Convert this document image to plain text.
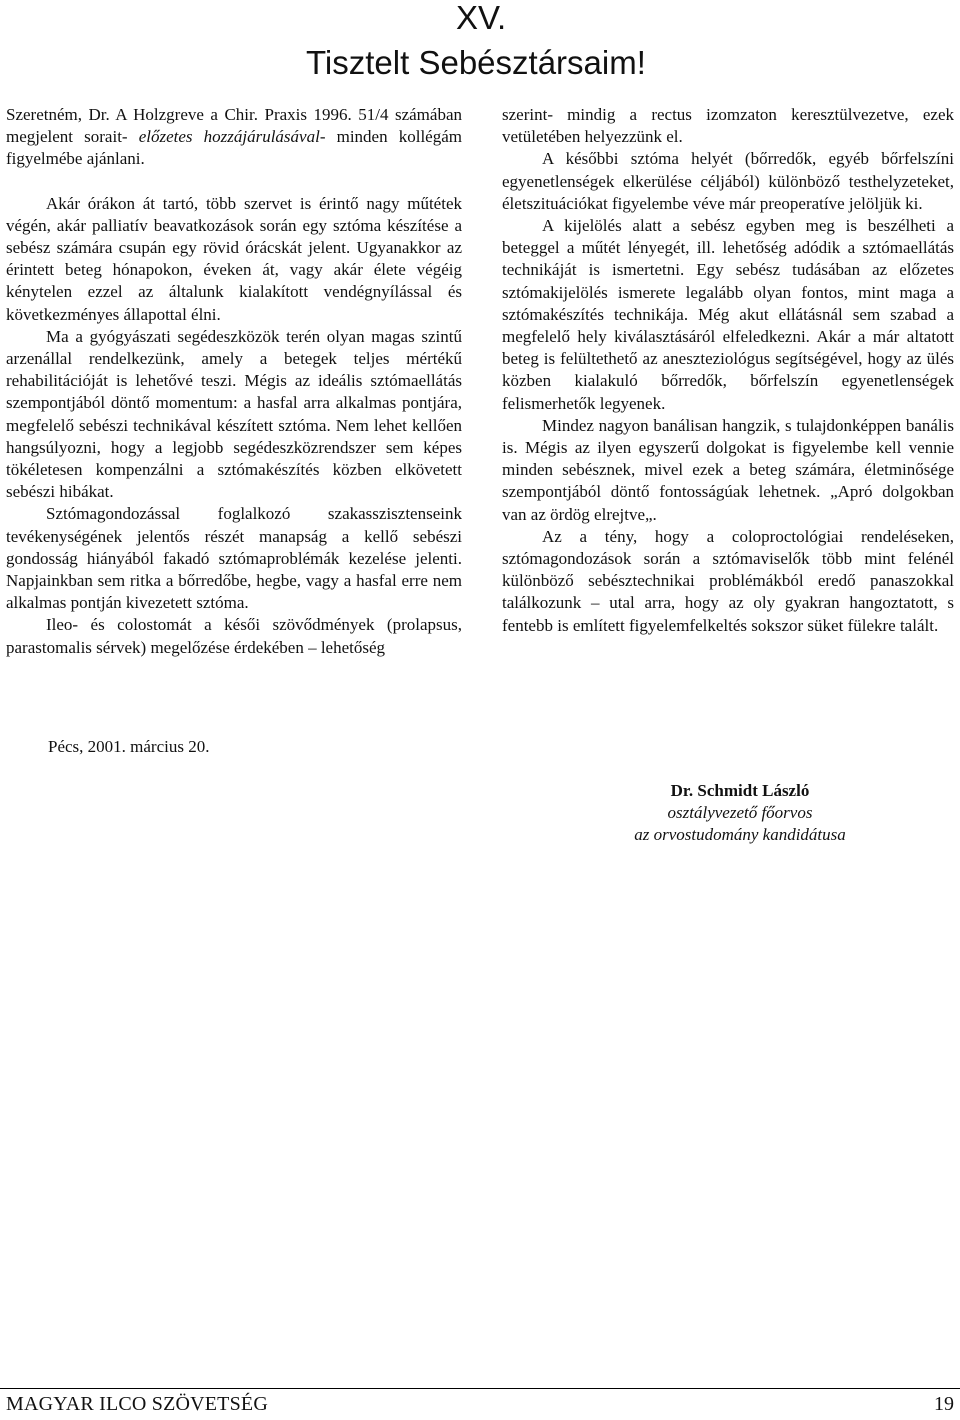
XV.
Tisztelt Sebésztársaim!

Szeretném, Dr. A Holzgreve a Chir. Praxis 1996. 51/4 számában megjelent sorait- előzetes hozzájárulásával- minden kollégám figyelmébe ajánlani.

Akár órákon át tartó, több szervet is érintő nagy műtétek végén, akár palliatív beavatkozások során egy sztóma készítése a sebész számára csupán egy rövid órácskát jelent. Ugyanakkor az érintett beteg hónapokon, éveken át, vagy akár élete végéig kénytelen ezzel az általunk kialakított vendégnyílással és következményes állapottal élni.

Ma a gyógyászati segédeszközök terén olyan magas szintű arzenállal rendelkezünk, amely a betegek teljes mértékű rehabilitációját is lehetővé teszi. Mégis az ideális sztómaellátás szempontjából döntő momentum: a hasfal arra alkalmas pontjára, megfelelő sebészi technikával készített sztóma. Nem lehet kellően hangsúlyozni, hogy a legjobb segédeszközrendszer sem képes tökéletesen kompenzálni a sztómakészítés közben elkövetett sebészi hibákat.

Sztómagondozással foglalkozó szakasszisztenseink tevékenységének jelentős részét manapság a kellő sebészi gondosság hiányából fakadó sztómaproblémák kezelése jelenti. Napjainkban sem ritka a bőrredőbe, hegbe, vagy a hasfal erre nem alkalmas pontján kivezetett sztóma.

Ileo- és colostomát a késői szövődmények (prolapsus, parastomalis sérvek) megelőzése érdekében – lehetőség

szerint- mindig a rectus izomzaton keresztülvezetve, ezek vetületében helyezzünk el.

A későbbi sztóma helyét (bőrredők, egyéb bőrfelszíni egyenetlenségek elkerülése céljából) különböző testhelyzeteket, életszituációkat figyelembe véve már preoperatíve jelöljük ki.

A kijelölés alatt a sebész egyben meg is beszélheti a beteggel a műtét lényegét, ill. lehetőség adódik a sztómaellátás technikáját is ismertetni. Egy sebész tudásában az előzetes sztómakijelölés ismerete legalább olyan fontos, mint maga a sztómakészítés technikája. Még akut ellátásnál sem szabad a megfelelő hely kiválasztásáról elfeledkezni. Akár a már altatott beteg is felültethető az aneszteziológus segítségével, hogy az ülés közben kialakuló bőrredők, bőrfelszín egyenetlenségek felismerhetők legyenek.

Mindez nagyon banálisan hangzik, s tulajdonképpen banális is. Mégis az ilyen egyszerű dolgokat is figyelembe kell vennie minden sebésznek, mivel ezek a beteg számára, életminősége szempontjából döntő fontosságúak lehetnek. „Apró dolgokban van az ördög elrejtve„.

Az a tény, hogy a coloproctológiai rendeléseken, sztómagondozások során a sztómaviselők több mint felénél különböző sebésztechnikai problémákból eredő panaszokkal találkozunk – utal arra, hogy az oly gyakran hangoztatott, s fentebb is említett figyelemfelkeltés sokszor süket fülekre talált.

Pécs, 2001. március 20.
Dr. Schmidt László
osztályvezető főorvos
az orvostudomány kandidátusa
MAGYAR ILCO SZÖVETSÉG	19
